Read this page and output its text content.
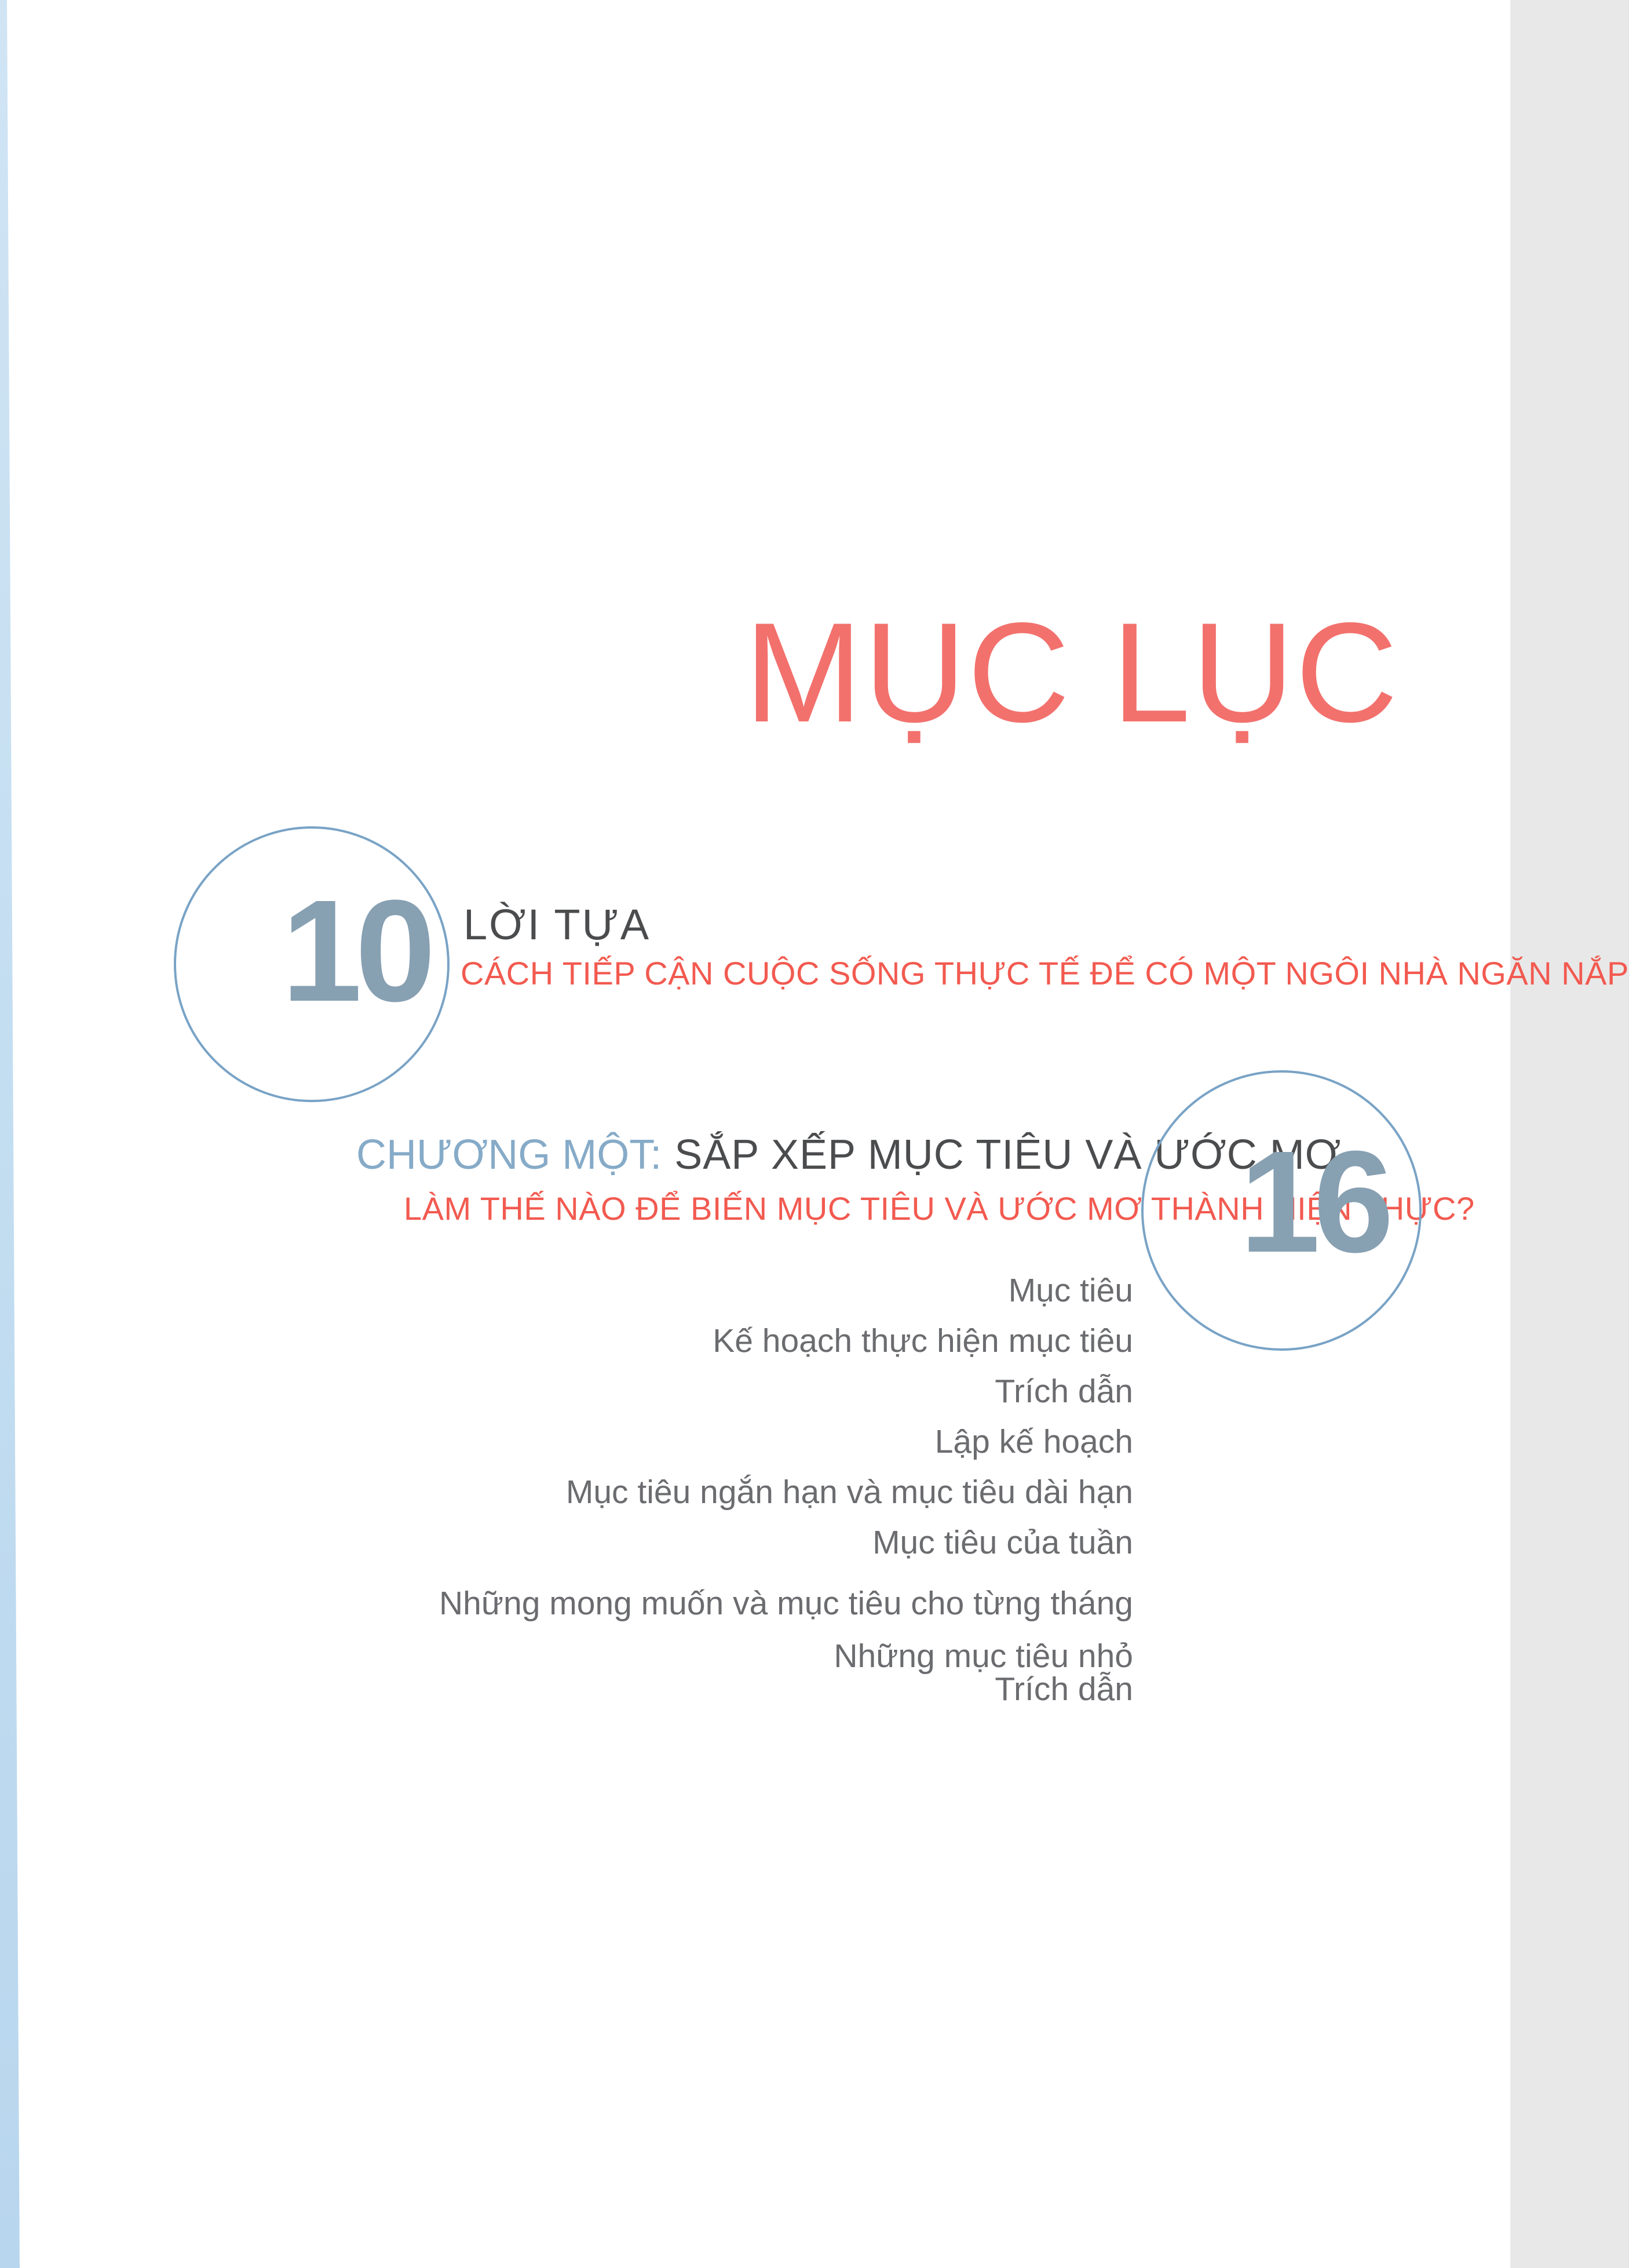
MỤC LỤC
10 LỜI TỰA
CÁCH TIẾP CẬN CUỘC SỐNG THỰC TẾ ĐỂ CÓ MỘT NGÔI NHÀ NGĂN NẮP
CHƯƠNG MỘT: SẮP XẾP MỤC TIÊU VÀ ƯỚC MƠ
LÀM THẾ NÀO ĐỂ BIẾN MỤC TIÊU VÀ ƯỚC MƠ THÀNH HIỆN THỰC?
16
Mục tiêu
Kế hoạch thực hiện mục tiêu
Trích dẫn
Lập kế hoạch
Mục tiêu ngắn hạn và mục tiêu dài hạn
Mục tiêu của tuần
Những mong muốn và mục tiêu cho từng tháng
Những mục tiêu nhỏ
Trích dẫn
